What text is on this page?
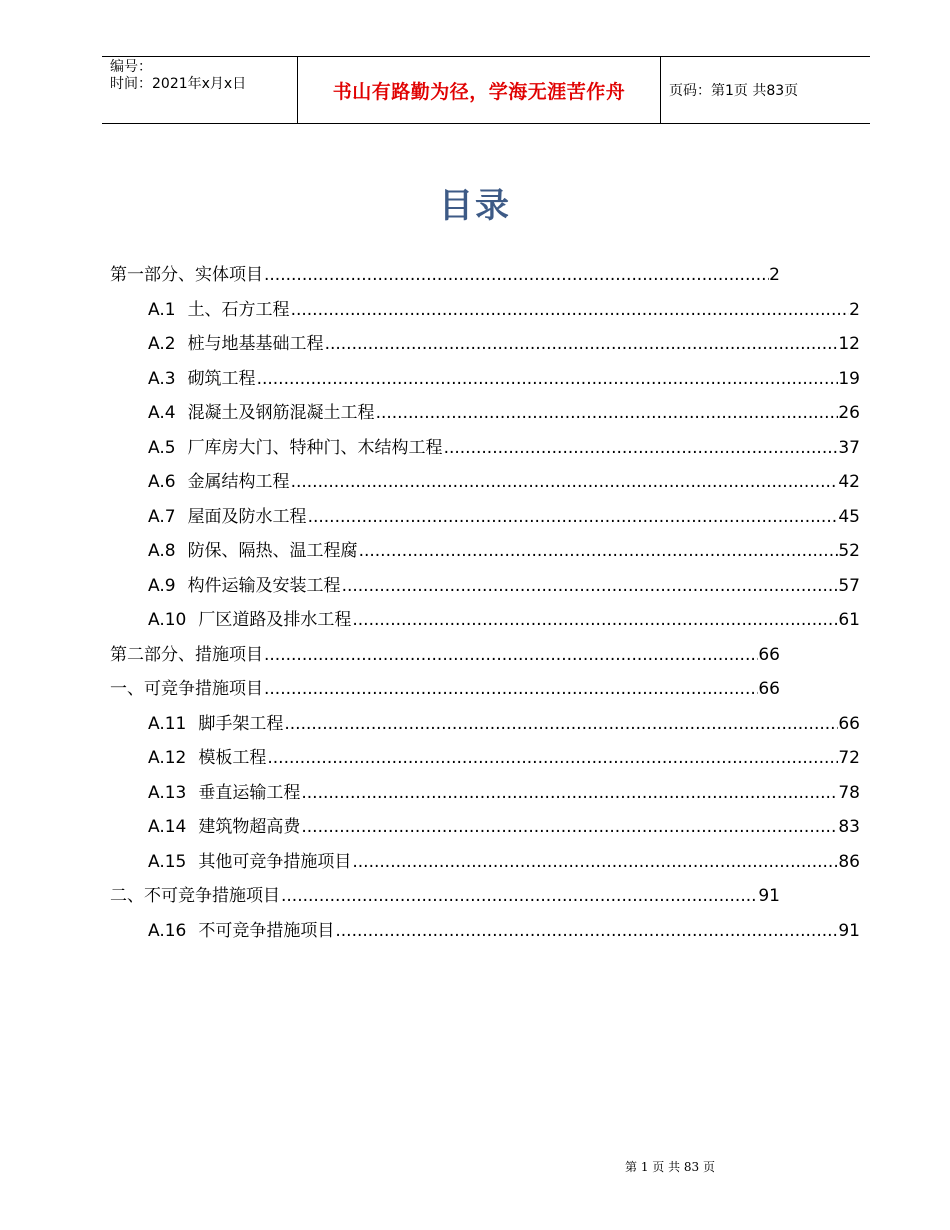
编号：
时间：2021年x月x日	书山有路勤为径，学海无涯苦作舟	页码：第1页 共83页
目录
第一部分、实体项目 .....	2
A.1 土、石方工程 .....	2
A.2 桩与地基基础工程 .....	12
A.3 砌筑工程 .....	19
A.4 混凝土及钢筋混凝土工程 .....	26
A.5 厂库房大门、特种门、木结构工程 .....	37
A.6 金属结构工程 .....	42
A.7 屋面及防水工程 .....	45
A.8 防保、隔热、温工程腐 .....	52
A.9 构件运输及安装工程 .....	57
A.10 厂区道路及排水工程 .....	61
第二部分、措施项目 .....	66
一、可竞争措施项目 .....	66
A.11 脚手架工程 .....	66
A.12 模板工程 .....	72
A.13 垂直运输工程 .....	78
A.14 建筑物超高费 .....	83
A.15 其他可竞争措施项目 .....	86
二、不可竞争措施项目 .....	91
A.16 不可竞争措施项目 .....	91
第 1 页 共 83 页
